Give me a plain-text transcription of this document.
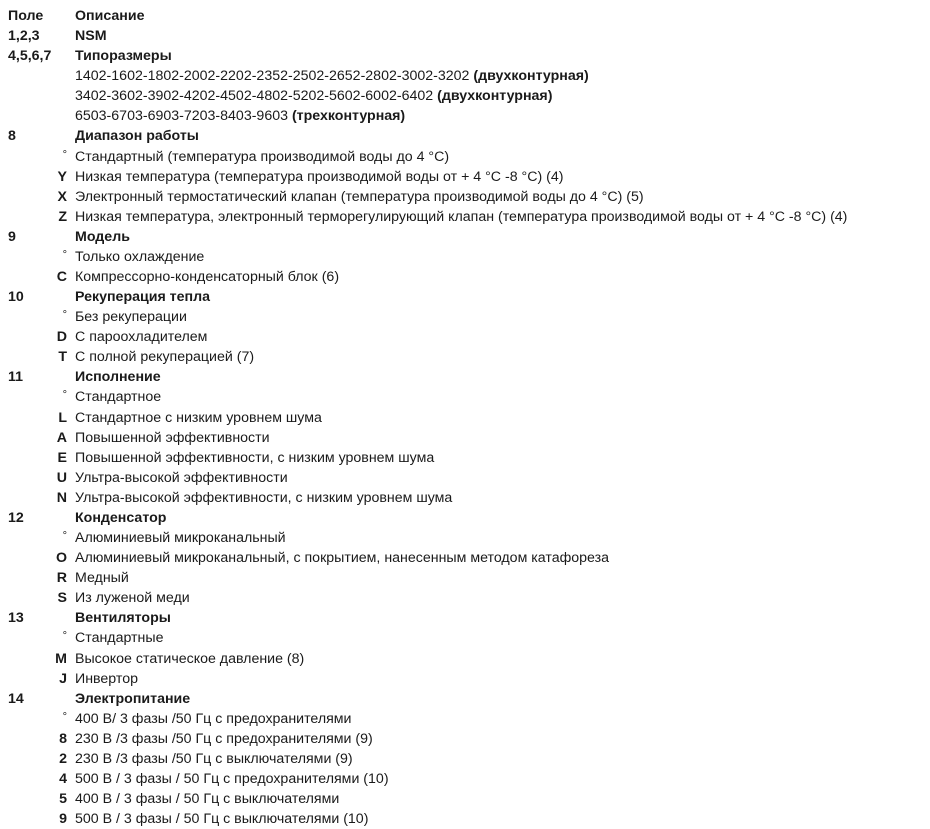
Поле Описание
1,2,3 NSM
4,5,6,7 Типоразмеры
1402-1602-1802-2002-2202-2352-2502-2652-2802-3002-3202 (двухконтурная)
3402-3602-3902-4202-4502-4802-5202-5602-6002-6402 (двухконтурная)
6503-6703-6903-7203-8403-9603 (трехконтурная)
8	Диапазон работы
° Стандартный (температура производимой воды до 4 °C)
Y Низкая температура (температура производимой воды от + 4 °C -8 °C) (4)
X Электронный термостатический клапан (температура производимой воды до 4 °C) (5)
Z Низкая температура, электронный терморегулирующий клапан (температура производимой воды от + 4 °C -8 °C) (4)
9	Модель
° Только охлаждение
C Компрессорно-конденсаторный блок (6)
10	Рекуперация тепла
° Без рекуперации
D С пароохладителем
T С полной рекуперацией (7)
11	Исполнение
° Стандартное
L Стандартное с низким уровнем шума
A Повышенной эффективности
E Повышенной эффективности, с низким уровнем шума
U Ультра-высокой эффективности
N Ультра-высокой эффективности, с низким уровнем шума
12	Конденсатор
° Алюминиевый микроканальный
O Алюминиевый микроканальный, с покрытием, нанесенным методом катафореза
R Медный
S Из луженой меди
13	Вентиляторы
° Стандартные
M Высокое статическое давление (8)
J Инвертор
14	Электропитание
° 400 В/ 3 фазы /50 Гц с предохранителями
8 230 В /3 фазы /50 Гц с предохранителями (9)
2 230 В /3 фазы /50 Гц с выключателями (9)
4 500 В / 3 фазы / 50 Гц с предохранителями (10)
5 400 В / 3 фазы / 50 Гц с выключателями
9 500 В / 3 фазы / 50 Гц с выключателями (10)
